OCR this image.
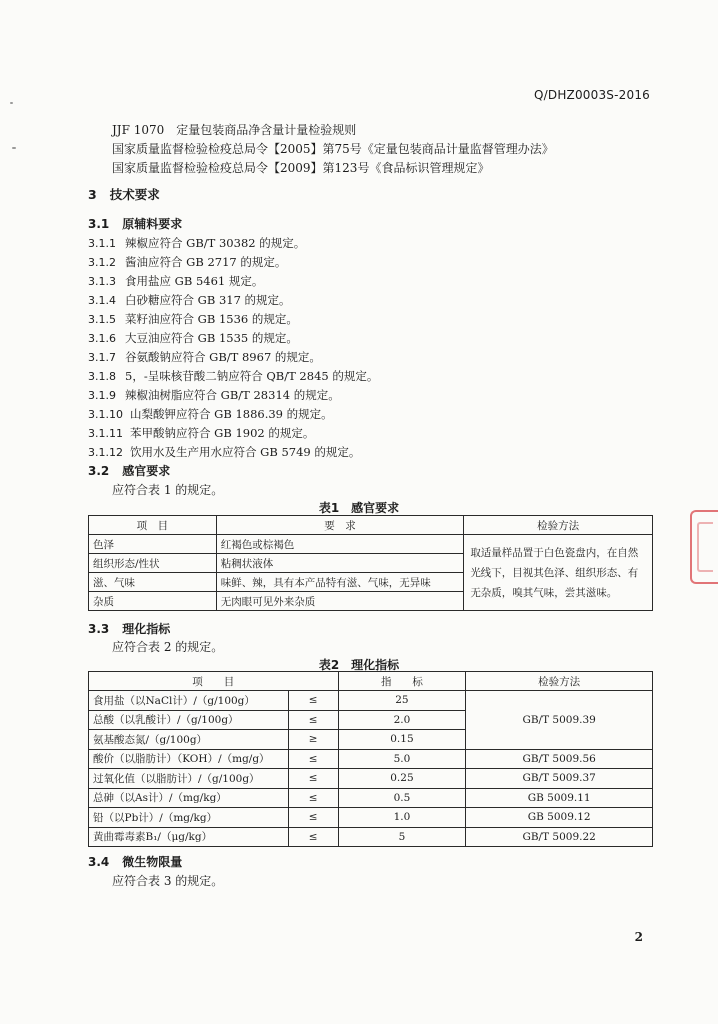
Q/DHZ0003S-2016
JJF 1070　定量包装商品净含量计量检验规则
国家质量监督检验检疫总局令【2005】第75号《定量包装商品计量监督管理办法》
国家质量监督检验检疫总局令【2009】第123号《食品标识管理规定》
3 技术要求
3.1 原辅料要求
3.1.1 辣椒应符合 GB/T 30382 的规定。
3.1.2 酱油应符合 GB 2717 的规定。
3.1.3 食用盐应 GB 5461 规定。
3.1.4 白砂糖应符合 GB 317 的规定。
3.1.5 菜籽油应符合 GB 1536 的规定。
3.1.6 大豆油应符合 GB 1535 的规定。
3.1.7 谷氨酸钠应符合 GB/T 8967 的规定。
3.1.8 5，-呈味核苷酸二钠应符合 QB/T 2845 的规定。
3.1.9 辣椒油树脂应符合 GB/T 28314 的规定。
3.1.10 山梨酸钾应符合 GB 1886.39 的规定。
3.1.11 苯甲酸钠应符合 GB 1902 的规定。
3.1.12 饮用水及生产用水应符合 GB 5749 的规定。
3.2 感官要求
应符合表 1 的规定。
表1　感官要求
项　目	要　求	检验方法
色泽	红褐色或棕褐色	取适量样品置于白色瓷盘内，在自然光线下，目视其色泽、组织形态、有无杂质，嗅其气味，尝其滋味。
组织形态/性状	粘稠状液体	
滋、气味	味鲜、辣，具有本产品特有滋、气味，无异味	
杂质	无肉眼可见外来杂质	
3.3 理化指标
应符合表 2 的规定。
表2　理化指标
项　　目		指　　标	检验方法
食用盐（以NaCl计）/（g/100g）	≤	25	GB/T 5009.39
总酸（以乳酸计）/（g/100g）	≤	2.0	
氨基酸态氮/（g/100g）	≥	0.15	
酸价（以脂肪计）（KOH）/（mg/g）	≤	5.0	GB/T 5009.56
过氧化值（以脂肪计）/（g/100g）	≤	0.25	GB/T 5009.37
总砷（以As计）/（mg/kg）	≤	0.5	GB 5009.11
铅（以Pb计）/（mg/kg）	≤	1.0	GB 5009.12
黄曲霉毒素B₁/（μg/kg）	≤	5	GB/T 5009.22
3.4 微生物限量
应符合表 3 的规定。
2
